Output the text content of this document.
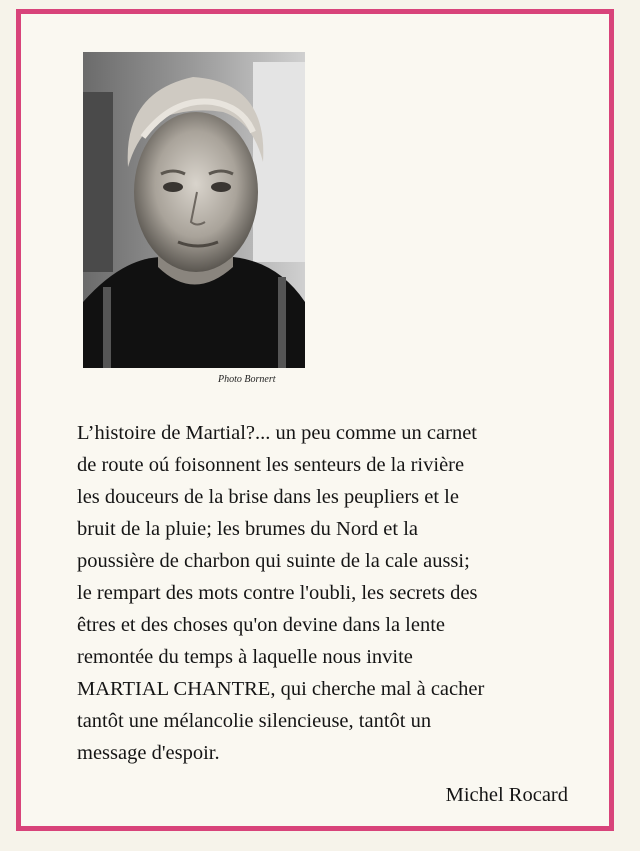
Photo Bornert
L’histoire de Martial?... un peu comme un carnet
de route oú foisonnent les senteurs de la rivière
les douceurs de la brise dans les peupliers et le
bruit de la pluie; les brumes du Nord et la
poussière de charbon qui suinte de la cale aussi;
le rempart des mots contre l'oubli, les secrets des
êtres et des choses qu'on devine dans la lente
remontée du temps à laquelle nous invite
MARTIAL CHANTRE, qui cherche mal à cacher
tantôt une mélancolie silencieuse, tantôt un
message d'espoir.
Michel Rocard
